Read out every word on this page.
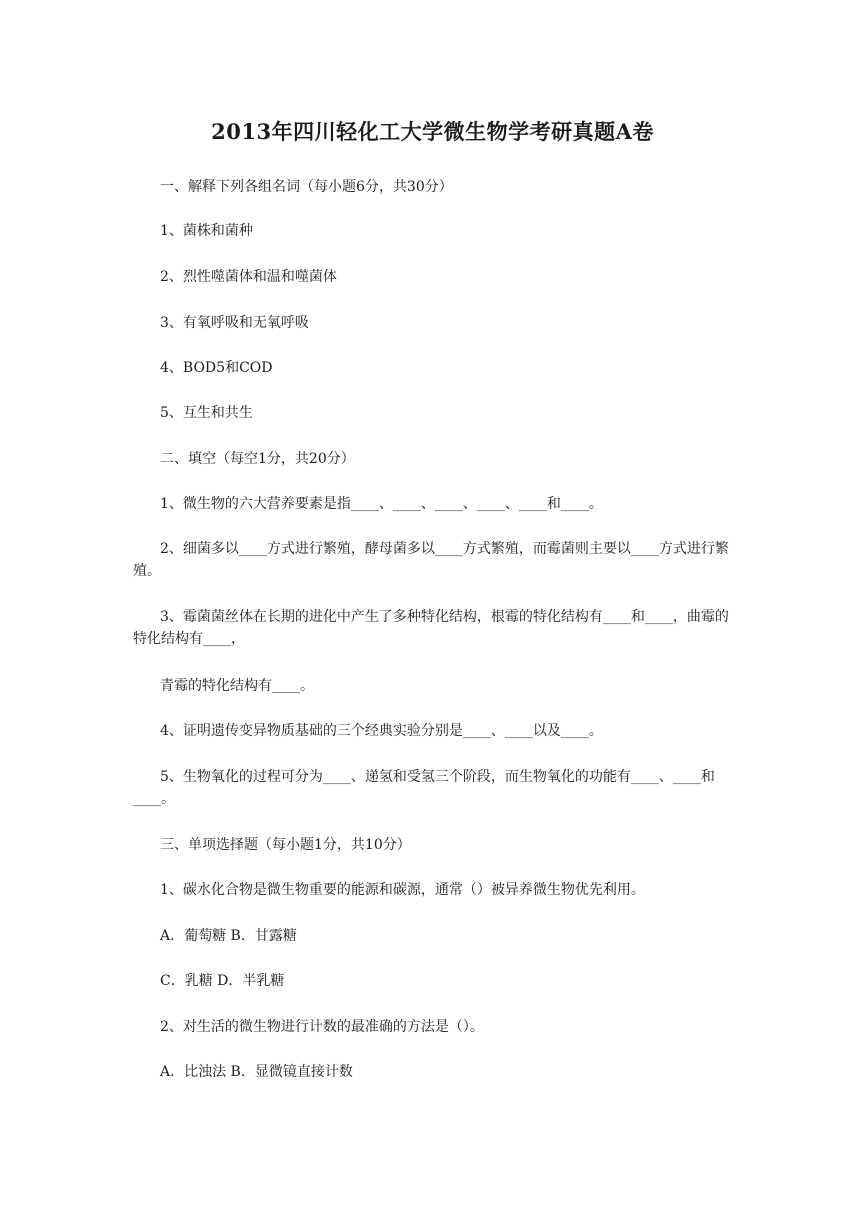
2013年四川轻化工大学微生物学考研真题A卷
一、解释下列各组名词（每小题6分，共30分）
1、菌株和菌种
2、烈性噬菌体和温和噬菌体
3、有氧呼吸和无氧呼吸
4、BOD5和COD
5、互生和共生
二、填空（每空1分，共20分）
1、微生物的六大营养要素是指____、____、____、____、____和____。
2、细菌多以____方式进行繁殖，酵母菌多以____方式繁殖，而霉菌则主要以____方式进行繁殖。
3、霉菌菌丝体在长期的进化中产生了多种特化结构，根霉的特化结构有____和____，曲霉的特化结构有____，
青霉的特化结构有____。
4、证明遗传变异物质基础的三个经典实验分别是____、____以及____。
5、生物氧化的过程可分为____、递氢和受氢三个阶段，而生物氧化的功能有____、____和____。
三、单项选择题（每小题1分，共10分）
1、碳水化合物是微生物重要的能源和碳源，通常（）被异养微生物优先利用。
A．葡萄糖 B．甘露糖
C．乳糖 D．半乳糖
2、对生活的微生物进行计数的最准确的方法是（）。
A．比浊法 B．显微镜直接计数
